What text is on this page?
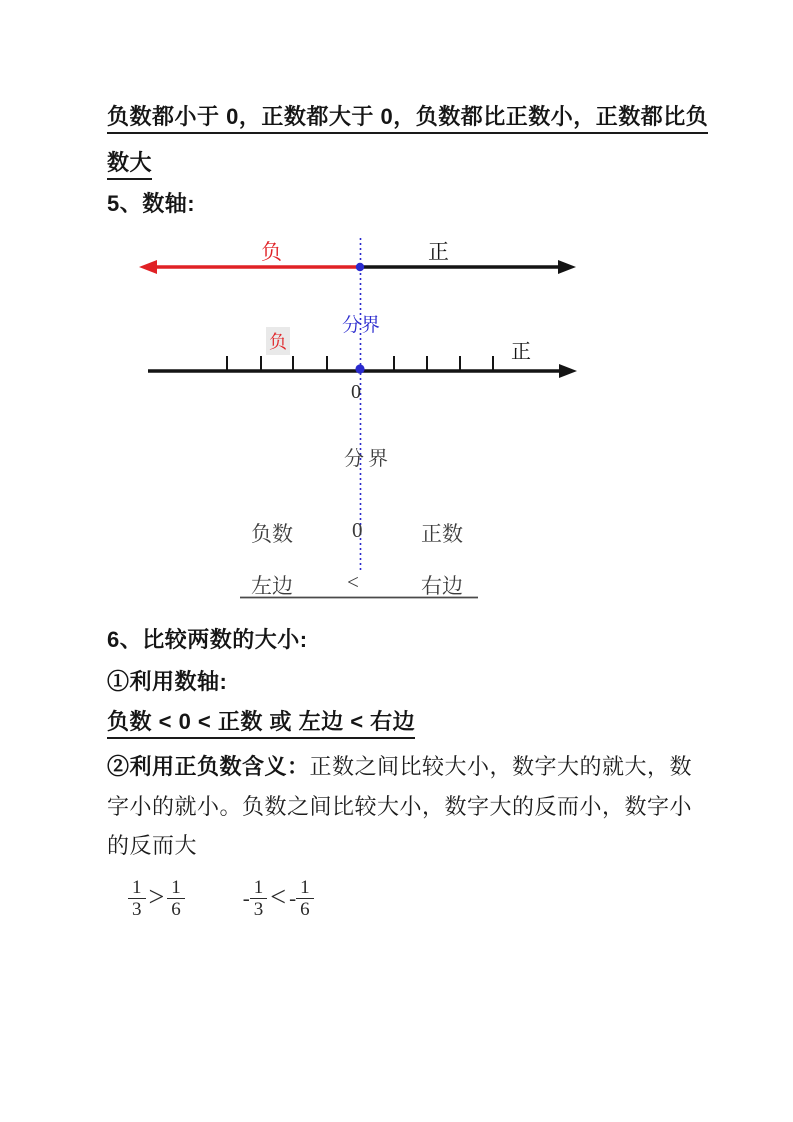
负数都小于 0，正数都大于 0，负数都比正数小，正数都比负
数大
5、数轴:
负	正
分界
负	正
0
分界
负数	0	正数
左边	<	右边
6、比较两数的大小:
①利用数轴:
负数 < 0 < 正数 或 左边 < 右边
②利用正负数含义：正数之间比较大小，数字大的就大，数
字小的就小。负数之间比较大小，数字大的反而小，数字小
的反而大
$\frac{1}{3} > \frac{1}{6}$	- $\frac{1}{3}$ < - $\frac{1}{6}$
